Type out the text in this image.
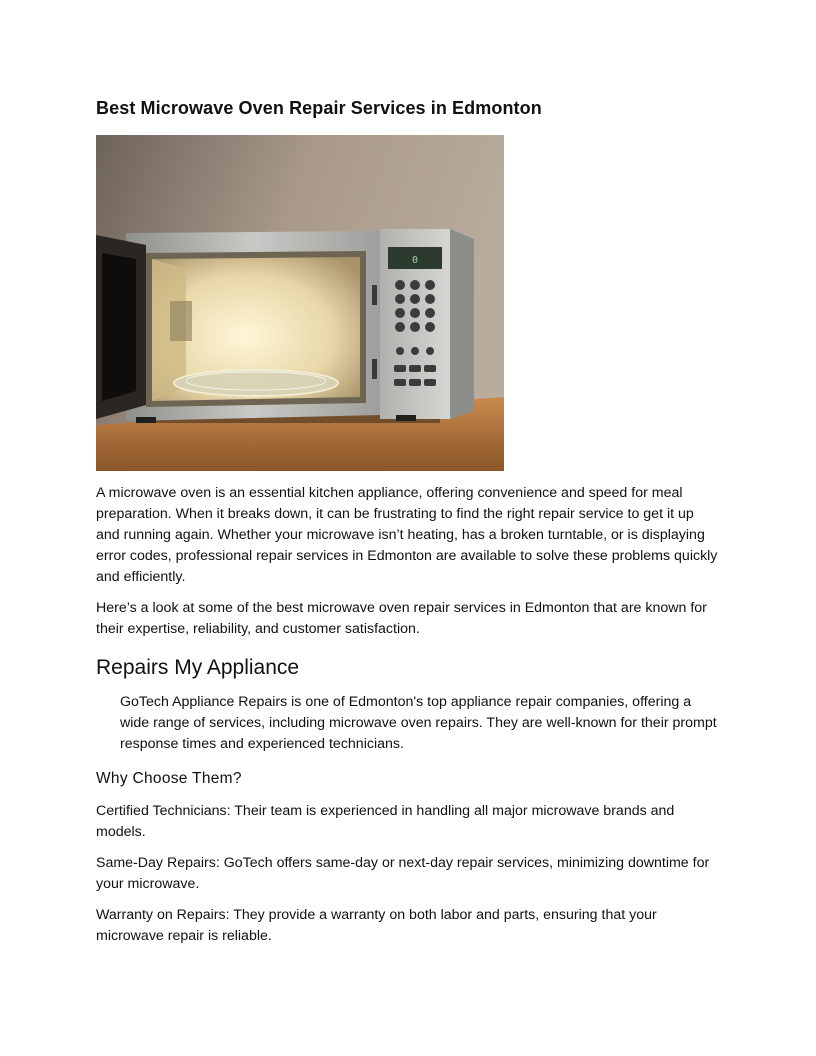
Best Microwave Oven Repair Services in Edmonton
0

A microwave oven is an essential kitchen appliance, offering convenience and speed for meal preparation. When it breaks down, it can be frustrating to find the right repair service to get it up and running again. Whether your microwave isn’t heating, has a broken turntable, or is displaying error codes, professional repair services in Edmonton are available to solve these problems quickly and efficiently.

Here’s a look at some of the best microwave oven repair services in Edmonton that are known for their expertise, reliability, and customer satisfaction.

Repairs My Appliance

GoTech Appliance Repairs is one of Edmonton's top appliance repair companies, offering a wide range of services, including microwave oven repairs. They are well-known for their prompt response times and experienced technicians.

Why Choose Them?

Certified Technicians: Their team is experienced in handling all major microwave brands and models.

Same-Day Repairs: GoTech offers same-day or next-day repair services, minimizing downtime for your microwave.

Warranty on Repairs: They provide a warranty on both labor and parts, ensuring that your microwave repair is reliable.
